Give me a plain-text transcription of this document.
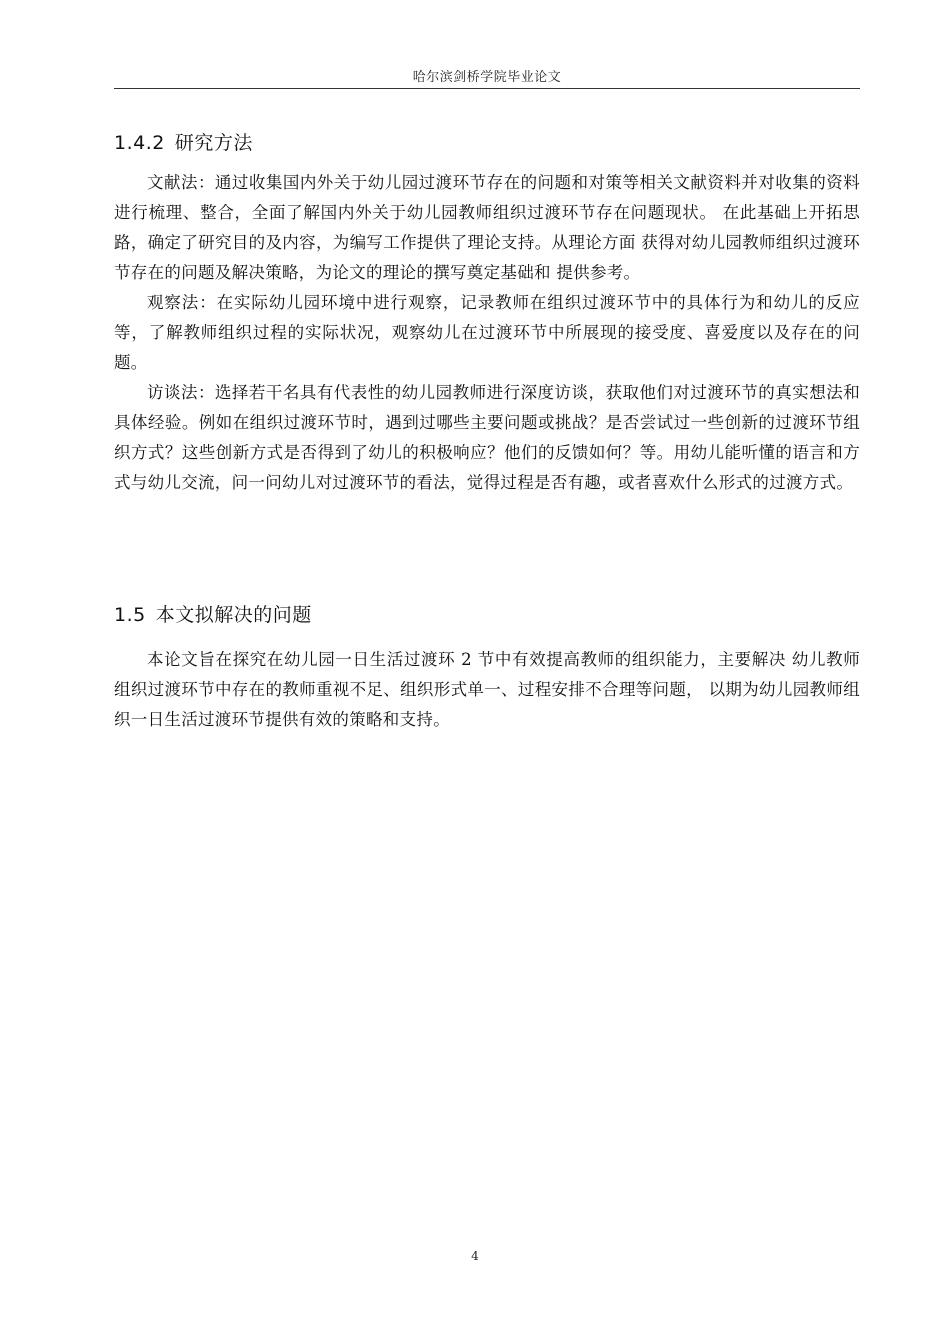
哈尔滨剑桥学院毕业论文
1.4.2 研究方法

文献法：通过收集国内外关于幼儿园过渡环节存在的问题和对策等相关文献资料并对收集的资料进行梳理、整合，全面了解国内外关于幼儿园教师组织过渡环节存在问题现状。 在此基础上开拓思路，确定了研究目的及内容，为编写工作提供了理论支持。从理论方面 获得对幼儿园教师组织过渡环节存在的问题及解决策略，为论文的理论的撰写奠定基础和 提供参考。

观察法：在实际幼儿园环境中进行观察，记录教师在组织过渡环节中的具体行为和幼儿的反应等，了解教师组织过程的实际状况，观察幼儿在过渡环节中所展现的接受度、喜爱度以及存在的问题。

访谈法：选择若干名具有代表性的幼儿园教师进行深度访谈，获取他们对过渡环节的真实想法和具体经验。例如在组织过渡环节时，遇到过哪些主要问题或挑战？是否尝试过一些创新的过渡环节组织方式？这些创新方式是否得到了幼儿的积极响应？他们的反馈如何？等。用幼儿能听懂的语言和方式与幼儿交流，问一问幼儿对过渡环节的看法，觉得过程是否有趣，或者喜欢什么形式的过渡方式。

1.5 本文拟解决的问题

本论文旨在探究在幼儿园一日生活过渡环 2 节中有效提高教师的组织能力，主要解决 幼儿教师组织过渡环节中存在的教师重视不足、组织形式单一、过程安排不合理等问题， 以期为幼儿园教师组织一日生活过渡环节提供有效的策略和支持。

4
